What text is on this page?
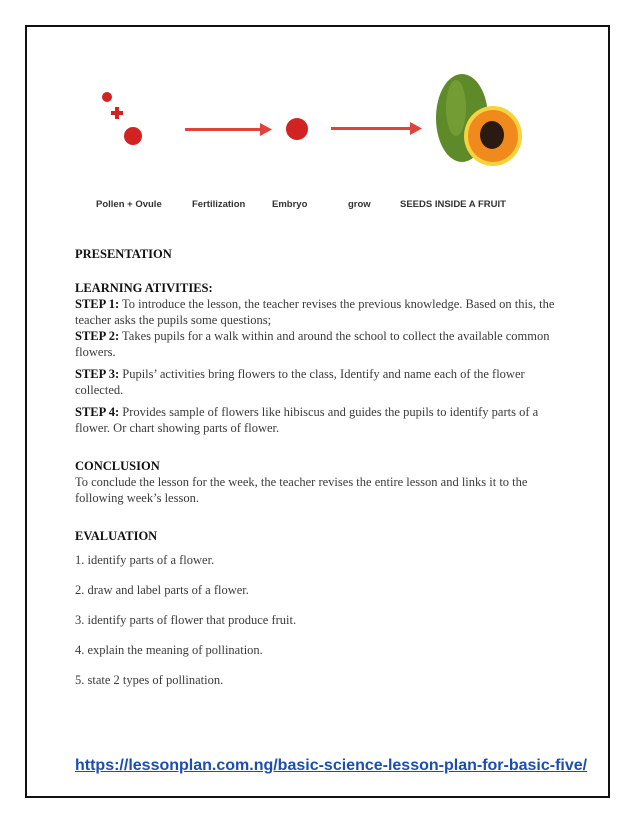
Pollen + Ovule	Fertilization	Embryo	grow	SEEDS INSIDE A FRUIT

PRESENTATION

LEARNING ATIVITIES:

STEP 1: To introduce the lesson, the teacher revises the previous knowledge. Based on this, the teacher asks the pupils some questions;

STEP 2: Takes pupils for a walk within and around the school to collect the available common flowers.

STEP 3: Pupils’ activities bring flowers to the class, Identify and name each of the flower collected.

STEP 4: Provides sample of flowers like hibiscus and guides the pupils to identify parts of a flower. Or chart showing parts of flower.

CONCLUSION

To conclude the lesson for the week, the teacher revises the entire lesson and links it to the following week’s lesson.

EVALUATION

1. identify parts of a flower.

2. draw and label parts of a flower.

3. identify parts of flower that produce fruit.

4. explain the meaning of pollination.

5. state 2 types of pollination.

https://lessonplan.com.ng/basic-science-lesson-plan-for-basic-five/
